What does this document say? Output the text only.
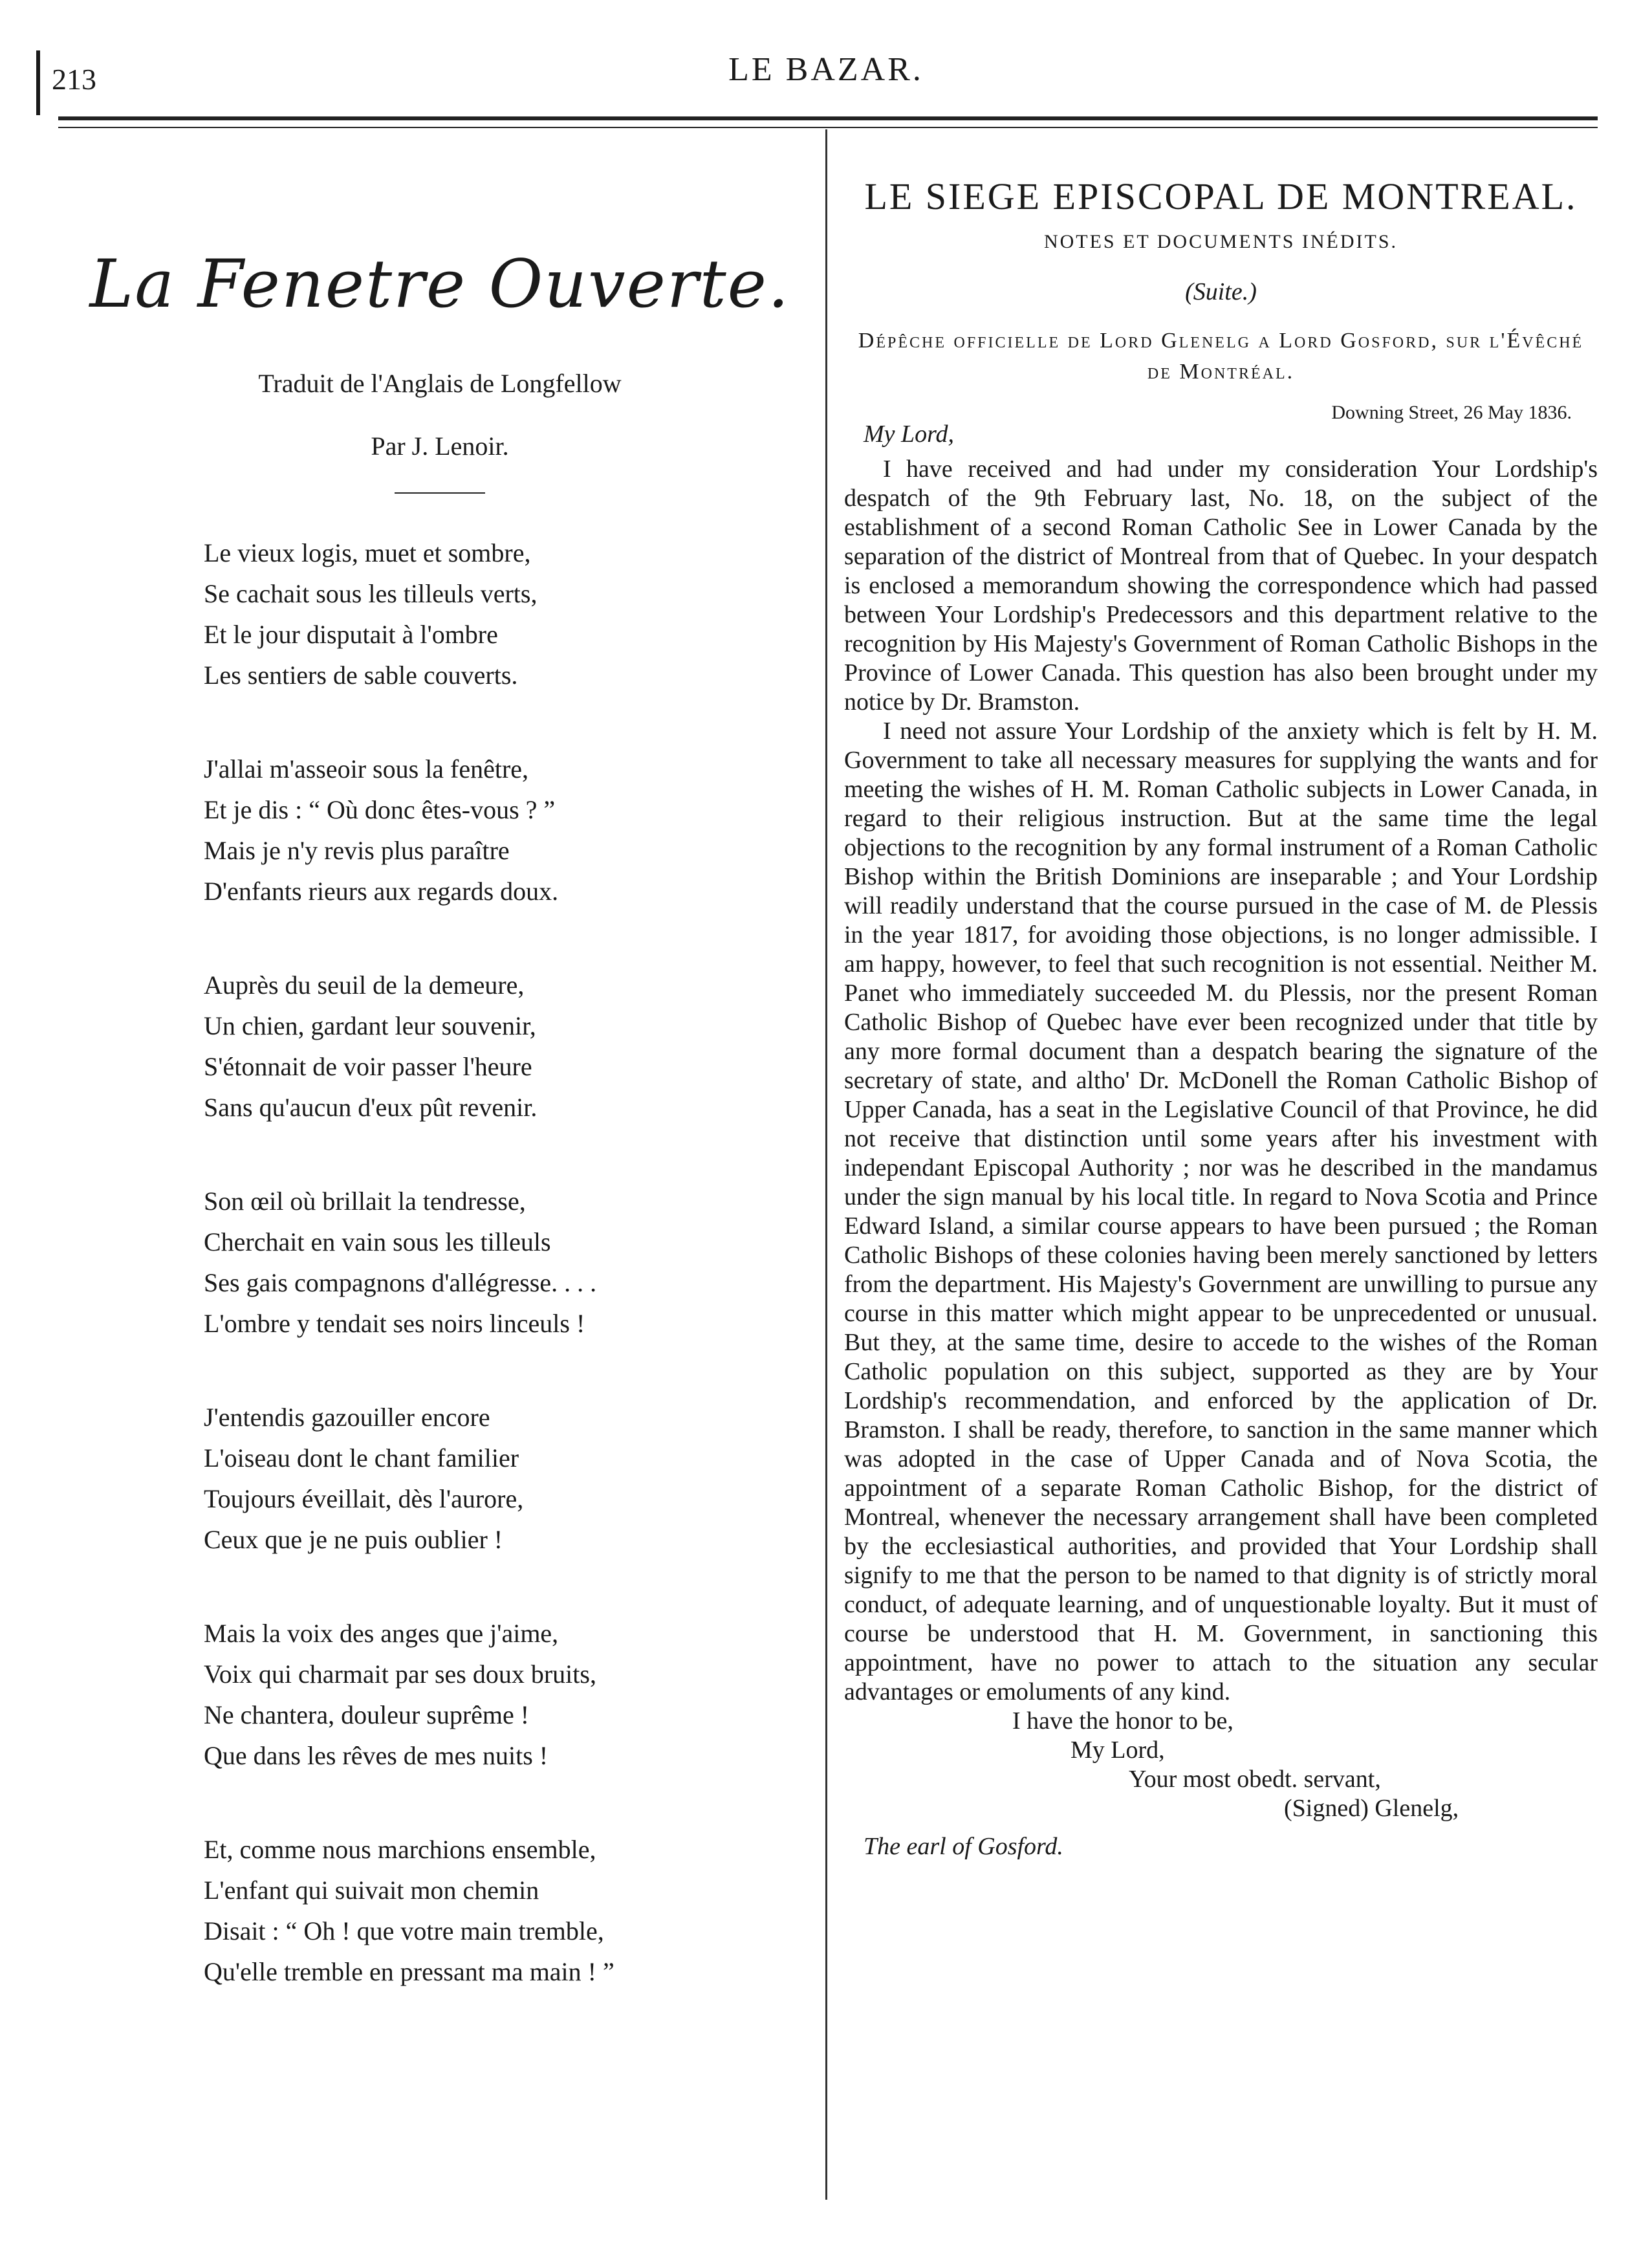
213	LE BAZAR.
La Fenetre Ouverte.
Traduit de l'Anglais de Longfellow
Par J. Lenoir.
Le vieux logis, muet et sombre,
Se cachait sous les tilleuls verts,
Et le jour disputait à l'ombre
Les sentiers de sable couverts.
J'allai m'asseoir sous la fenêtre,
Et je dis : “ Où donc êtes-vous ? ”
Mais je n'y revis plus paraître
D'enfants rieurs aux regards doux.
Auprès du seuil de la demeure,
Un chien, gardant leur souvenir,
S'étonnait de voir passer l'heure
Sans qu'aucun d'eux pût revenir.
Son œil où brillait la tendresse,
Cherchait en vain sous les tilleuls
Ses gais compagnons d'allégresse. . . .
L'ombre y tendait ses noirs linceuls !
J'entendis gazouiller encore
L'oiseau dont le chant familier
Toujours éveillait, dès l'aurore,
Ceux que je ne puis oublier !
Mais la voix des anges que j'aime,
Voix qui charmait par ses doux bruits,
Ne chantera, douleur suprême !
Que dans les rêves de mes nuits !
Et, comme nous marchions ensemble,
L'enfant qui suivait mon chemin
Disait : “ Oh ! que votre main tremble,
Qu'elle tremble en pressant ma main ! ”
LE SIEGE EPISCOPAL DE MONTREAL.
NOTES ET DOCUMENTS INÉDITS.
(Suite.)
Dépêche officielle de Lord Glenelg a Lord Gosford, sur l'Évêché de Montréal.
Downing Street, 26 May 1836.
My Lord,

I have received and had under my consideration Your Lordship's despatch of the 9th February last, No. 18, on the subject of the establishment of a second Roman Catholic See in Lower Canada by the separation of the district of Montreal from that of Quebec. In your despatch is enclosed a memorandum showing the correspondence which had passed between Your Lordship's Predecessors and this department relative to the recognition by His Majesty's Government of Roman Catholic Bishops in the Province of Lower Canada. This question has also been brought under my notice by Dr. Bramston.

I need not assure Your Lordship of the anxiety which is felt by H. M. Government to take all necessary measures for supplying the wants and for meeting the wishes of H. M. Roman Catholic subjects in Lower Canada, in regard to their religious instruction. But at the same time the legal objections to the recognition by any formal instrument of a Roman Catholic Bishop within the British Dominions are inseparable ; and Your Lordship will readily understand that the course pursued in the case of M. de Plessis in the year 1817, for avoiding those objections, is no longer admissible. I am happy, however, to feel that such recognition is not essential. Neither M. Panet who immediately succeeded M. du Plessis, nor the present Roman Catholic Bishop of Quebec have ever been recognized under that title by any more formal document than a despatch bearing the signature of the secretary of state, and altho' Dr. McDonell the Roman Catholic Bishop of Upper Canada, has a seat in the Legislative Council of that Province, he did not receive that distinction until some years after his investment with independant Episcopal Authority ; nor was he described in the mandamus under the sign manual by his local title. In regard to Nova Scotia and Prince Edward Island, a similar course appears to have been pursued ; the Roman Catholic Bishops of these colonies having been merely sanctioned by letters from the department. His Majesty's Government are unwilling to pursue any course in this matter which might appear to be unprecedented or unusual. But they, at the same time, desire to accede to the wishes of the Roman Catholic population on this subject, supported as they are by Your Lordship's recommendation, and enforced by the application of Dr. Bramston. I shall be ready, therefore, to sanction in the same manner which was adopted in the case of Upper Canada and of Nova Scotia, the appointment of a separate Roman Catholic Bishop, for the district of Montreal, whenever the necessary arrangement shall have been completed by the ecclesiastical authorities, and provided that Your Lordship shall signify to me that the person to be named to that dignity is of strictly moral conduct, of adequate learning, and of unquestionable loyalty. But it must of course be understood that H. M. Government, in sanctioning this appointment, have no power to attach to the situation any secular advantages or emoluments of any kind.

I have the honor to be,
My Lord,
Your most obedt. servant,
(Signed) Glenelg,
The earl of Gosford.
